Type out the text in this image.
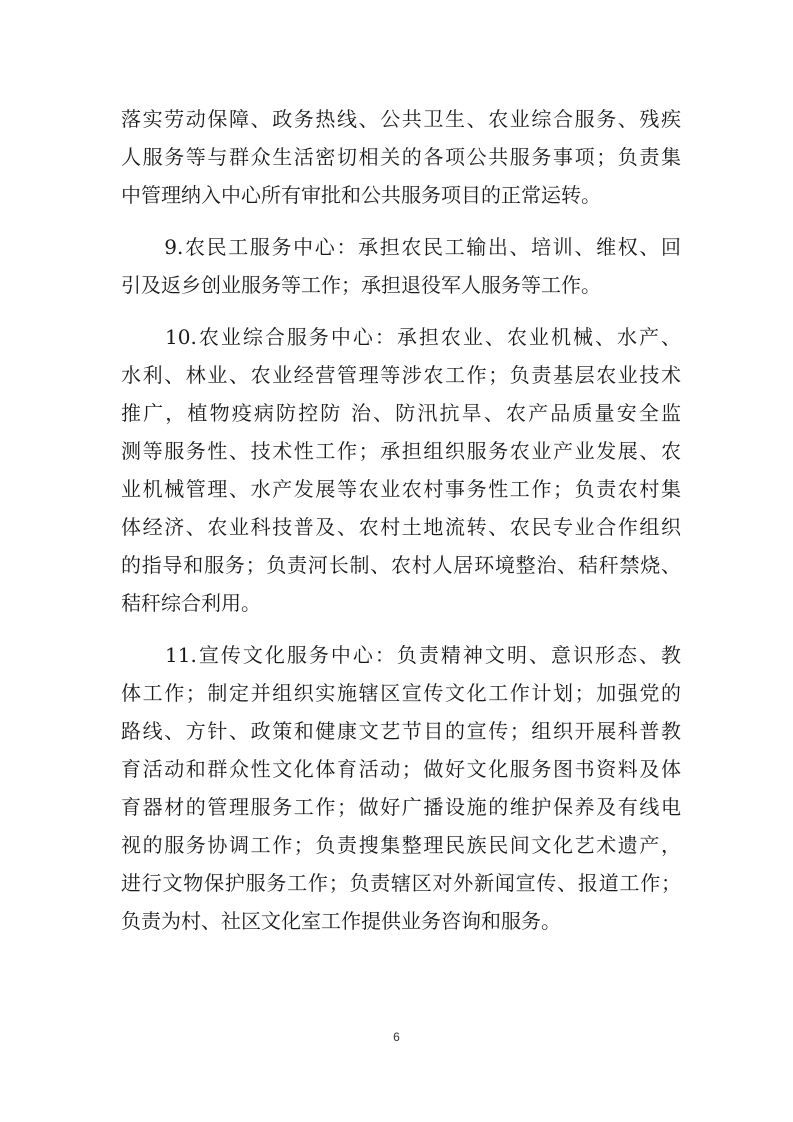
落实劳动保障、政务热线、公共卫生、农业综合服务、残疾
人服务等与群众生活密切相关的各项公共服务事项；负责集
中管理纳入中心所有审批和公共服务项目的正常运转。
　　9.农民工服务中心：承担农民工输出、培训、维权、回
引及返乡创业服务等工作；承担退役军人服务等工作。
　　10.农业综合服务中心：承担农业、农业机械、水产、
水利、林业、农业经营管理等涉农工作；负责基层农业技术
推广，植物疫病防控防 治、防汛抗旱、农产品质量安全监
测等服务性、技术性工作；承担组织服务农业产业发展、农
业机械管理、水产发展等农业农村事务性工作；负责农村集
体经济、农业科技普及、农村土地流转、农民专业合作组织
的指导和服务；负责河长制、农村人居环境整治、秸秆禁烧、
秸秆综合利用。
　　11.宣传文化服务中心：负责精神文明、意识形态、教
体工作；制定并组织实施辖区宣传文化工作计划；加强党的
路线、方针、政策和健康文艺节目的宣传；组织开展科普教
育活动和群众性文化体育活动；做好文化服务图书资料及体
育器材的管理服务工作；做好广播设施的维护保养及有线电
视的服务协调工作；负责搜集整理民族民间文化艺术遗产，
进行文物保护服务工作；负责辖区对外新闻宣传、报道工作；
负责为村、社区文化室工作提供业务咨询和服务。
6
